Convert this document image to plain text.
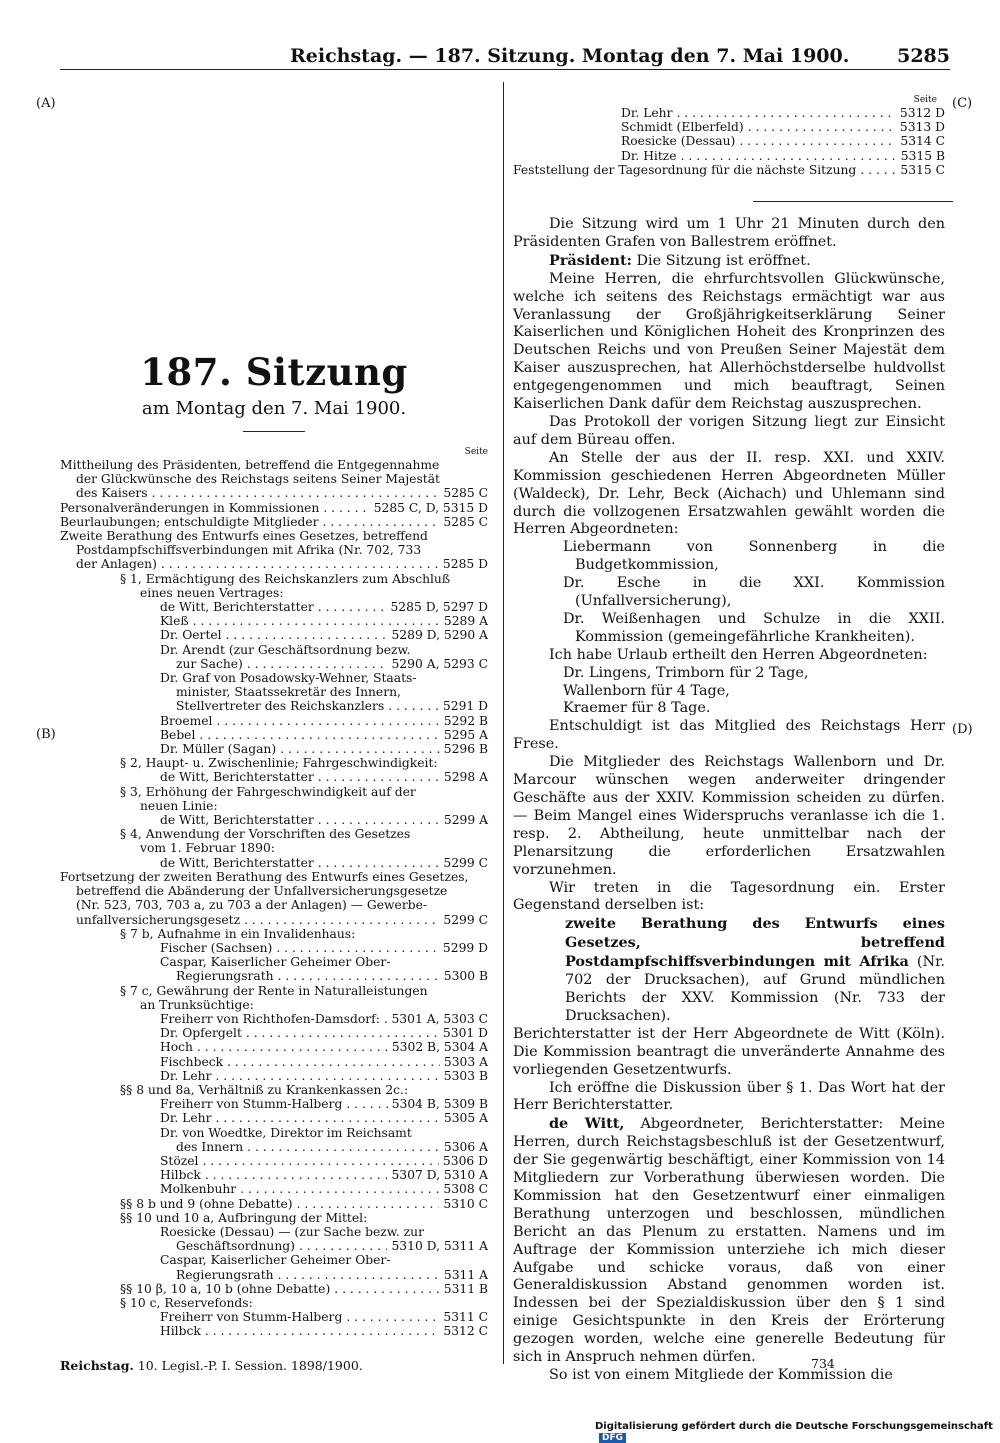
Reichstag. — 187. Sitzung. Montag den 7. Mai 1900.	5285
(A)
(B)
(C)
(D)
187. Sitzung
am Montag den 7. Mai 1900.
Seite
Mittheilung des Präsidenten, betreffend die Entgegennahme
der Glückwünsche des Reichstags seitens Seiner Majestät
des Kaisers . . .	5285 C
Personalveränderungen in Kommissionen . . .	5285 C, D, 5315 D
Beurlaubungen; entschuldigte Mitglieder . . .	5285 C
Zweite Berathung des Entwurfs eines Gesetzes, betreffend
Postdampfschiffsverbindungen mit Afrika (Nr. 702, 733
der Anlagen) . . .	5285 D
§ 1, Ermächtigung des Reichskanzlers zum Abschluß
eines neuen Vertrages:
de Witt, Berichterstatter . . .	5285 D, 5297 D
Kleß . . .	5289 A
Dr. Oertel . . .	5289 D, 5290 A
Dr. Arendt (zur Geschäftsordnung bezw.
zur Sache) . . .	5290 A, 5293 C
Dr. Graf von Posadowsky-Wehner, Staats-
minister, Staatssekretär des Innern,
Stellvertreter des Reichskanzlers . . .	5291 D
Broemel . . .	5292 B
Bebel . . .	5295 A
Dr. Müller (Sagan) . . .	5296 B
§ 2, Haupt- u. Zwischenlinie; Fahrgeschwindigkeit:
de Witt, Berichterstatter . . .	5298 A
§ 3, Erhöhung der Fahrgeschwindigkeit auf der
neuen Linie:
de Witt, Berichterstatter . . .	5299 A
§ 4, Anwendung der Vorschriften des Gesetzes
vom 1. Februar 1890:
de Witt, Berichterstatter . . .	5299 C
Fortsetzung der zweiten Berathung des Entwurfs eines Gesetzes,
betreffend die Abänderung der Unfallversicherungsgesetze
(Nr. 523, 703, 703 a, zu 703 a der Anlagen) — Gewerbe-
unfallversicherungsgesetz . . .	5299 C
§ 7 b, Aufnahme in ein Invalidenhaus:
Fischer (Sachsen) . . .	5299 D
Caspar, Kaiserlicher Geheimer Ober-
Regierungsrath . . .	5300 B
§ 7 c, Gewährung der Rente in Naturalleistungen
an Trunksüchtige:
Freiherr von Richthofen-Damsdorf: . . . 5301 A, 5303 C
Dr. Opfergelt . . .	5301 D
Hoch . . .	5302 B, 5304 A
Fischbeck . . .	5303 A
Dr. Lehr . . .	5303 B
§§ 8 und 8a, Verhältniß zu Krankenkassen 2c.:
Freiherr von Stumm-Halberg . . .	5304 B, 5309 B
Dr. Lehr . . .	5305 A
Dr. von Woedtke, Direktor im Reichsamt
des Innern . . .	5306 A
Stözel . . .	5306 D
Hilbck . . .	5307 D, 5310 A
Molkenbuhr . . .	5308 C
§§ 8 b und 9 (ohne Debatte) . . .	5310 C
§§ 10 und 10 a, Aufbringung der Mittel:
Roesicke (Dessau) — (zur Sache bezw. zur
Geschäftsordnung) . . .	5310 D, 5311 A
Caspar, Kaiserlicher Geheimer Ober-
Regierungsrath . . .	5311 A
§§ 10 β, 10 a, 10 b (ohne Debatte) . . .	5311 B
§ 10 c, Reservefonds:
Freiherr von Stumm-Halberg . . .	5311 C
Hilbck . . .	5312 C
Seite
Dr. Lehr . . .	5312 D
Schmidt (Elberfeld) . . .	5313 D
Roesicke (Dessau) . . .	5314 C
Dr. Hitze . . .	5315 B
Feststellung der Tagesordnung für die nächste Sitzung . . .	5315 C

Die Sitzung wird um 1 Uhr 21 Minuten durch den Präsidenten Grafen von Ballestrem eröffnet.

Präsident: Die Sitzung ist eröffnet.

Meine Herren, die ehrfurchtsvollen Glückwünsche, welche ich seitens des Reichstags ermächtigt war aus Veranlassung der Großjährigkeitserklärung Seiner Kaiserlichen und Königlichen Hoheit des Kronprinzen des Deutschen Reichs und von Preußen Seiner Majestät dem Kaiser auszusprechen, hat Allerhöchstderselbe huldvollst entgegengenommen und mich beauftragt, Seinen Kaiserlichen Dank dafür dem Reichstag auszusprechen.

Das Protokoll der vorigen Sitzung liegt zur Einsicht auf dem Büreau offen.

An Stelle der aus der II. resp. XXI. und XXIV. Kommission geschiedenen Herren Abgeordneten Müller (Waldeck), Dr. Lehr, Beck (Aichach) und Uhlemann sind durch die vollzogenen Ersatzwahlen gewählt worden die Herren Abgeordneten:

Liebermann von Sonnenberg in die Budgetkommission,

Dr. Esche in die XXI. Kommission (Unfallversicherung),

Dr. Weißenhagen und Schulze in die XXII. Kommission (gemeingefährliche Krankheiten).

Ich habe Urlaub ertheilt den Herren Abgeordneten:

Dr. Lingens, Trimborn für 2 Tage,

Wallenborn für 4 Tage,

Kraemer für 8 Tage.

Entschuldigt ist das Mitglied des Reichstags Herr Frese.

Die Mitglieder des Reichstags Wallenborn und Dr. Marcour wünschen wegen anderweiter dringender Geschäfte aus der XXIV. Kommission scheiden zu dürfen. — Beim Mangel eines Widerspruchs veranlasse ich die 1. resp. 2. Abtheilung, heute unmittelbar nach der Plenarsitzung die erforderlichen Ersatzwahlen vorzunehmen.

Wir treten in die Tagesordnung ein. Erster Gegenstand derselben ist:

zweite Berathung des Entwurfs eines Gesetzes, betreffend Postdampfschiffsverbindungen mit Afrika (Nr. 702 der Drucksachen), auf Grund mündlichen Berichts der XXV. Kommission (Nr. 733 der Drucksachen).

Berichterstatter ist der Herr Abgeordnete de Witt (Köln). Die Kommission beantragt die unveränderte Annahme des vorliegenden Gesetzentwurfs.

Ich eröffne die Diskussion über § 1. Das Wort hat der Herr Berichterstatter.

de Witt, Abgeordneter, Berichterstatter: Meine Herren, durch Reichstagsbeschluß ist der Gesetzentwurf, der Sie gegenwärtig beschäftigt, einer Kommission von 14 Mitgliedern zur Vorberathung überwiesen worden. Die Kommission hat den Gesetzentwurf einer einmaligen Berathung unterzogen und beschlossen, mündlichen Bericht an das Plenum zu erstatten. Namens und im Auftrage der Kommission unterziehe ich mich dieser Aufgabe und schicke voraus, daß von einer Generaldiskussion Abstand genommen worden ist. Indessen bei der Spezialdiskussion über den § 1 sind einige Gesichtspunkte in den Kreis der Erörterung gezogen worden, welche eine generelle Bedeutung für sich in Anspruch nehmen dürfen.

So ist von einem Mitgliede der Kommission die

Reichstag. 10. Legisl.-P. I. Session. 1898/1900.	734
Digitalisierung gefördert durch die Deutsche ForschungsgemeinschaftDFG
